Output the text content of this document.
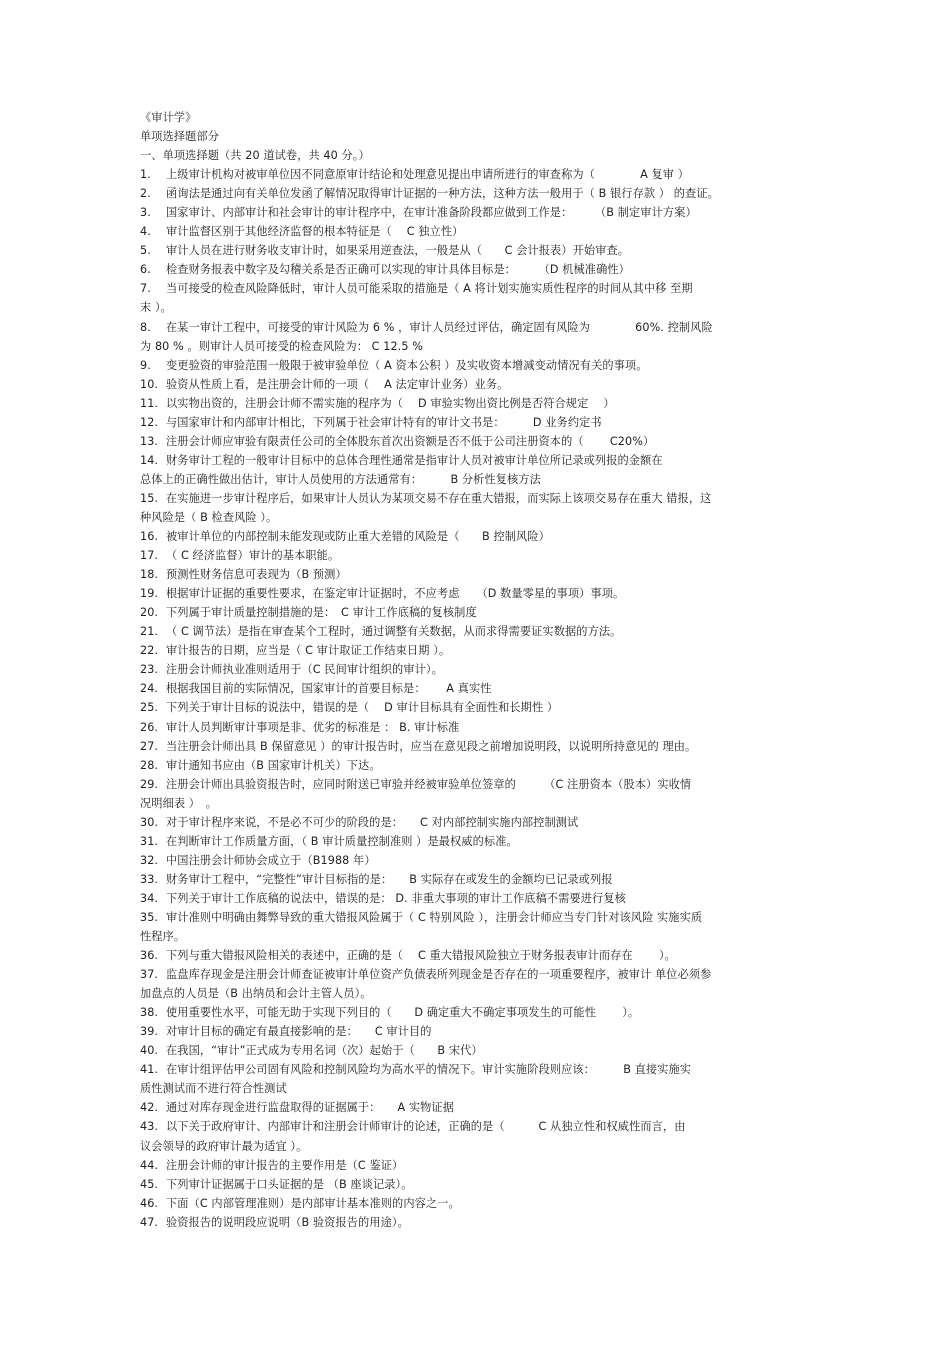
《审计学》
单项选择题部分
一、单项选择题（共 20 道试卷，共 40 分。）
1. 上级审计机构对被审单位因不同意原审计结论和处理意见提出申请所进行的审查称为（　　　　A 复审 ）
2. 函询法是通过向有关单位发函了解情况取得审计证据的一种方法，这种方法一般用于（ B 银行存款 ） 的查证。
3. 国家审计、内部审计和社会审计的审计程序中，在审计准备阶段都应做到工作是：　　　（B 制定审计方案）
4. 审计监督区别于其他经济监督的根本特征是（　 C 独立性）
5. 审计人员在进行财务收支审计时，如果采用逆查法，一般是从（　　C 会计报表）开始审查。
6. 检查财务报表中数字及勾稽关系是否正确可以实现的审计具体目标是：　　　（D 机械准确性）
7. 当可接受的检查风险降低时，审计人员可能采取的措施是（ A 将计划实施实质性程序的时间从其中移 至期
末 ）。
8. 在某一审计工程中，可接受的审计风险为 6 % ，审计人员经过评估，确定固有风险为　　　　60%. 控制风险
为 80 % 。则审计人员可接受的检查风险为： C 12.5 %
9. 变更验资的审验范围一般限于被审验单位（ A 资本公积 ）及实收资本增减变动情况有关的事项。
10. 验资从性质上看，是注册会计师的一项（　 A 法定审计业务）业务。
11. 以实物出资的，注册会计师不需实施的程序为（　 D 审验实物出资比例是否符合规定　 ）
12. 与国家审计和内部审计相比，下列属于社会审计特有的审计文书是：　　　D 业务约定书
13. 注册会计师应审验有限责任公司的全体股东首次出资额是否不低于公司注册资本的（　　 C20%）
14. 财务审计工程的一般审计目标中的总体合理性通常是指审计人员对被审计单位所记录或列报的金额在
总体上的正确性做出估计，审计人员使用的方法通常有：　　　B 分析性复核方法
15. 在实施进一步审计程序后，如果审计人员认为某项交易不存在重大错报，而实际上该项交易存在重大 错报，这
种风险是（ B 检查风险 ）。
16. 被审计单位的内部控制未能发现或防止重大差错的风险是（　　B 控制风险）
17. （ C 经济监督）审计的基本职能。
18. 预测性财务信息可表现为（B 预测）
19. 根据审计证据的重要性要求，在鉴定审计证据时，不应考虑　　（D 数量零星的事项）事项。
20. 下列属于审计质量控制措施的是：　C 审计工作底稿的复核制度
21. （ C 调节法）是指在审查某个工程时，通过调整有关数据，从而求得需要证实数据的方法。
22. 审计报告的日期，应当是（ C 审计取证工作结束日期 ）。
23. 注册会计师执业准则适用于（C 民间审计组织的审计）。
24. 根据我国目前的实际情况，国家审计的首要目标是：　　 A 真实性
25. 下列关于审计目标的说法中，错误的是（　 D 审计目标具有全面性和长期性 ）
26. 审计人员判断审计事项是非、优劣的标准是 ： B. 审计标准
27. 当注册会计师出具 B 保留意见 ）的审计报告时，应当在意见段之前增加说明段，以说明所持意见的 理由。
28. 审计通知书应由（B 国家审计机关）下达。
29. 注册会计师出具验资报告时，应同时附送已审验并经被审验单位签章的　　　（C 注册资本（股本）实收情
况明细表 ）　。
30. 对于审计程序来说，不是必不可少的阶段的是：　　C 对内部控制实施内部控制测试
31. 在判断审计工作质量方面，（ B 审计质量控制准则 ）是最权威的标准。
32. 中国注册会计师协会成立于（B1988 年）
33. 财务审计工程中，“完整性”审计目标指的是：　　B 实际存在或发生的金额均已记录或列报
34. 下列关于审计工作底稿的说法中，错误的是： D. 非重大事项的审计工作底稿不需要进行复核
35. 审计准则中明确由舞弊导致的重大错报风险属于（ C 特别风险 ），注册会计师应当专门针对该风险 实施实质
性程序。
36. 下列与重大错报风险相关的表述中，正确的是（　 C 重大错报风险独立于财务报表审计而存在　　 ）。
37. 监盘库存现金是注册会计师查证被审计单位资产负债表所列现金是否存在的一项重要程序，被审计 单位必须参
加盘点的人员是（B 出纳员和会计主管人员）。
38. 使用重要性水平，可能无助于实现下列目的（　　D 确定重大不确定事项发生的可能性　　 ）。
39. 对审计目标的确定有最直接影响的是：　　C 审计目的
40. 在我国，“审计”正式成为专用名词（次）起始于（　　B 宋代）
41. 在审计组评估甲公司固有风险和控制风险均为高水平的情况下。审计实施阶段则应该：　　　B 直接实施实
质性测试而不进行符合性测试
42. 通过对库存现金进行监盘取得的证据属于：　　A 实物证据
43. 以下关于政府审计、内部审计和注册会计师审计的论述，正确的是（　　　C 从独立性和权威性而言，由
议会领导的政府审计最为适宜 ）。
44. 注册会计师的审计报告的主要作用是（C 鉴证）
45. 下列审计证据属于口头证据的是 （B 座谈记录）。
46. 下面（C 内部管理准则）是内部审计基本准则的内容之一。
47. 验资报告的说明段应说明（B 验资报告的用途）。
